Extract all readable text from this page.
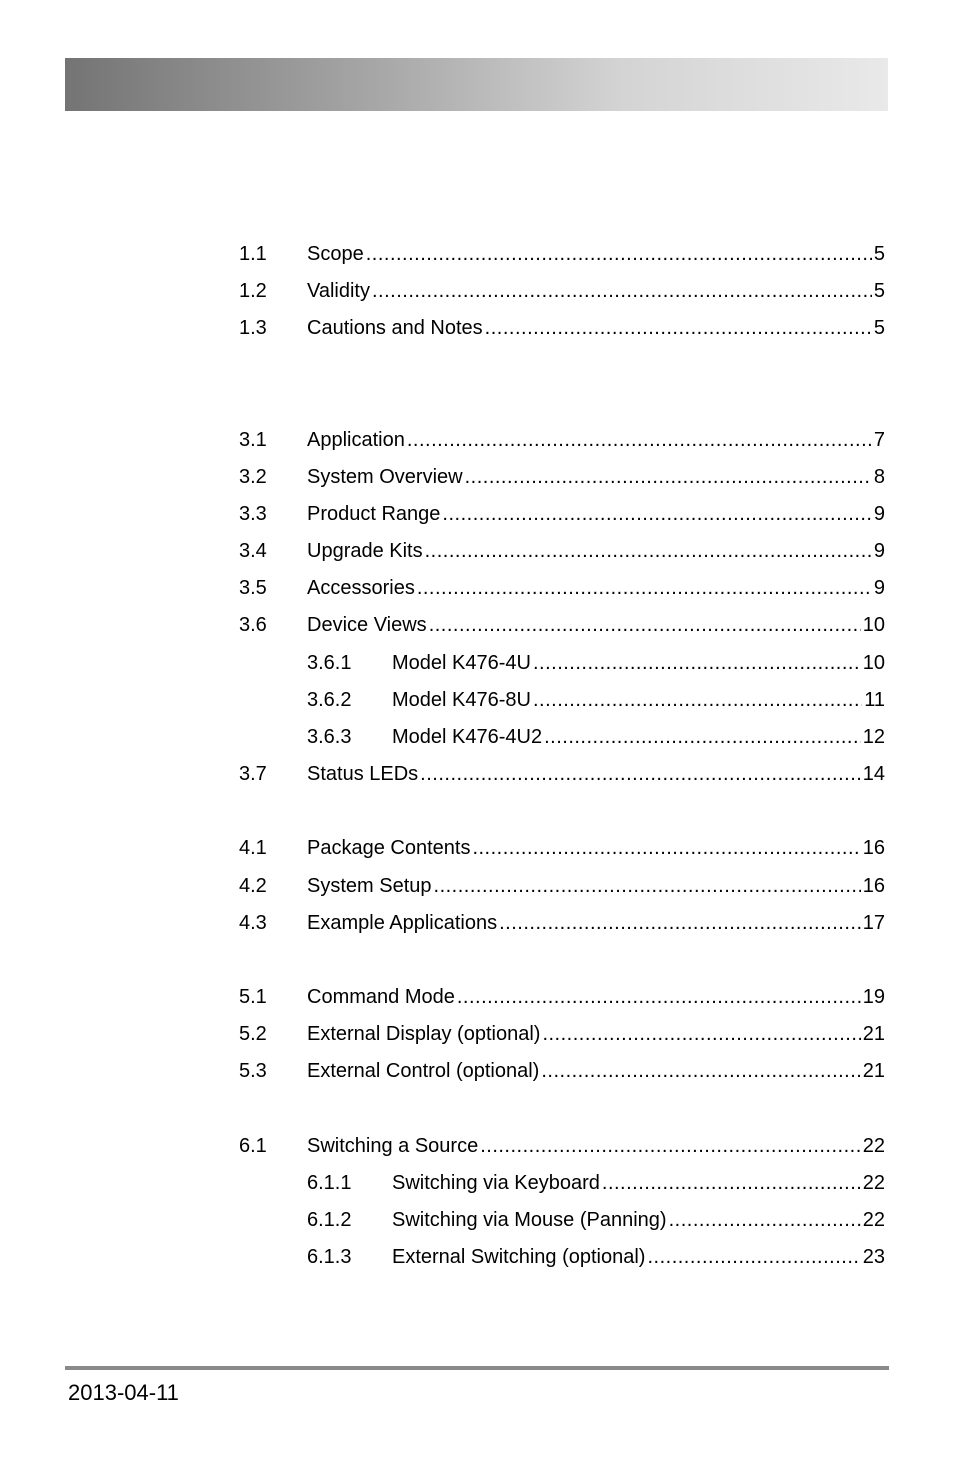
1.1	Scope .....	5
1.2	Validity .....	5
1.3	Cautions and Notes .....	5
3.1	Application .....	7
3.2	System Overview .....	8
3.3	Product Range .....	9
3.4	Upgrade Kits .....	9
3.5	Accessories .....	9
3.6	Device Views .....	10
3.6.1	Model K476-4U .....	10
3.6.2	Model K476-8U .....	11
3.6.3	Model K476-4U2 .....	12
3.7	Status LEDs .....	14
4.1	Package Contents .....	16
4.2	System Setup .....	16
4.3	Example Applications .....	17
5.1	Command Mode .....	19
5.2	External Display (optional) .....	21
5.3	External Control (optional) .....	21
6.1	Switching a Source .....	22
6.1.1	Switching via Keyboard .....	22
6.1.2	Switching via Mouse (Panning) .....	22
6.1.3	External Switching (optional) .....	23
2013-04-11
